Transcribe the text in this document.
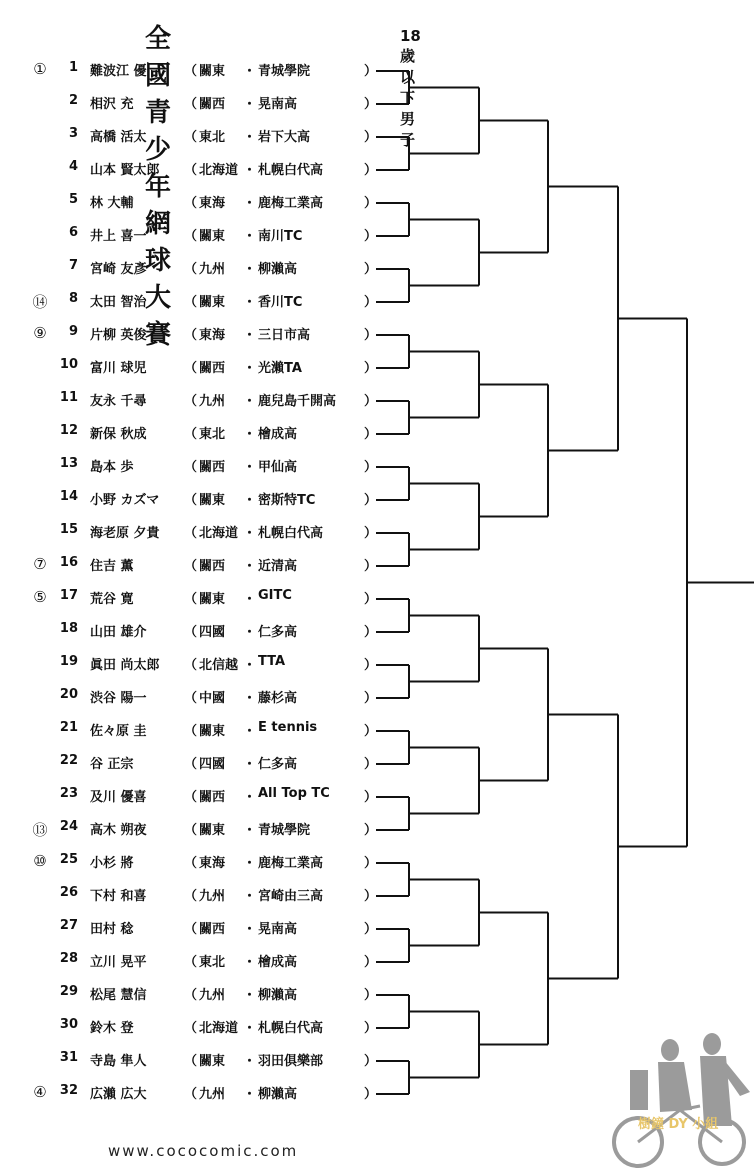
全國青少年網球大賽
18歲以下男子
①	1 難波江 優	（ 關東 ・ 青城學院	）
2 相沢 充	（ 關西 ・ 晃南高	）
3 高橋 活太	（ 東北 ・ 岩下大高	）
4 山本 賢太郎 （ 北海道 ・ 札幌白代高	）
5 林 大輔	（ 東海 ・ 鹿梅工業高	）
6 井上 喜一	（ 關東 ・ 南川TC	）
7 宮崎 友彥	（ 九州 ・ 柳瀨高	）
⑭	8 太田 智治	（ 關東 ・ 香川TC	）
⑨	9 片柳 英俊	（ 東海 ・ 三日市高	）
10 富川 球児	（ 關西 ・ 光瀨TA	）
11 友永 千尋	（ 九州 ・ 鹿兒島千開高 ）
12 新保 秋成	（ 東北 ・ 檜成高	）
13 島本 歩	（ 關西 ・ 甲仙高	）
14 小野 カズマ （ 關東 ・ 密斯特TC	）
15 海老原 夕貴 （ 北海道 ・ 札幌白代高	）
⑦ 16 住吉 薫	（ 關西 ・ 近清高	）
⑤ 17 荒谷 寛	（ 關東 ・ GITC	）
18 山田 雄介	（ 四國 ・ 仁多高	）
19 眞田 尚太郎 （ 北信越 ・ TTA	）
20 渋谷 陽一	（ 中國 ・ 藤杉高	）
21 佐々原 圭	（ 關東 ・ E tennis	）
22 谷 正宗	（ 四國 ・ 仁多高	）
23 及川 優喜	（ 關西 ・ All Top TC	）
⑬ 24 高木 朔夜	（ 關東 ・ 青城學院	）
⑩ 25 小杉 將	（ 東海 ・ 鹿梅工業高	）
26 下村 和喜	（ 九州 ・ 宮崎由三高	）
27 田村 稔	（ 關西 ・ 晃南高	）
28 立川 晃平	（ 東北 ・ 檜成高	）
29 松尾 慧信	（ 九州 ・ 柳瀨高	）
30 鈴木 登	（ 北海道 ・ 札幌白代高	）
31 寺島 隼人	（ 關東 ・ 羽田俱樂部	）
④ 32 広瀨 広大	（ 九州 ・ 柳瀨高	）
www.cococomic.com
樹鐘 DY 小組
